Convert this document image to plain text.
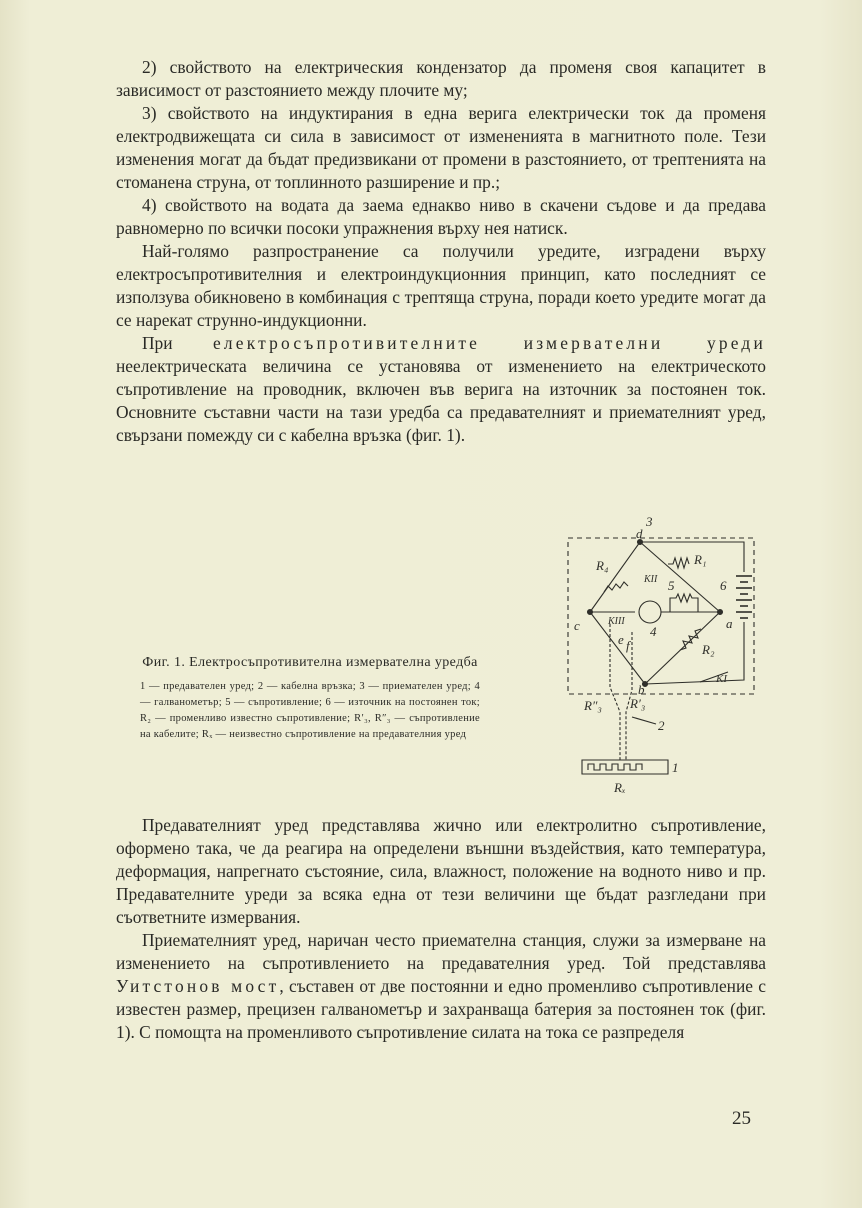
2) свойството на електрическия кондензатор да променя своя капацитет в зависимост от разстоянието между плочите му;

3) свойството на индуктирания в една верига електрически ток да променя електродвижещата си сила в зависимост от измененията в магнитното поле. Тези изменения могат да бъдат предизвикани от промени в разстоянието, от трептенията на стоманена струна, от топлинното разширение и пр.;

4) свойството на водата да заема еднакво ниво в скачени съдове и да предава равномерно по всички посоки упражнения върху нея натиск.

Най-голямо разпространение са получили уредите, изградени върху електросъпротивителния и електроиндукционния принцип, като последният се използува обикновено в комбинация с трептяща струна, поради което уредите могат да се нарекат струнно-индукционни.

При електросъпротивителните измервателни уреди неелектрическата величина се установява от изменението на електрическото съпротивление на проводник, включен във верига на източник за постоянен ток. Основните съставни части на тази уредба са предавателният и приемателният уред, свързани помежду си с кабелна връзка (фиг. 1).

Фиг. 1. Електросъпротивителна измервателна уредба
1 — предавателен уред; 2 — кабелна връзка; 3 — приемателен уред; 4 — галванометър; 5 — съпротивление; 6 — източник на постоянен ток; R₂ — променливо известно съпротивление; R′₃, R″₃ — съпротивление на кабелите; Rₓ — неизвестно съпротивление на предавателния уред
3
d
R₄	R₁
KII 5	6
c	KIII
4
a
e f	R₂
KI
b
R″₃ R′₃
2
1
Rₓ

Предавателният уред представлява жично или електролитно съпротивление, оформено така, че да реагира на определени външни въздействия, като температура, деформация, напрегнато състояние, сила, влажност, положение на водното ниво и пр. Предавателните уреди за всяка една от тези величини ще бъдат разгледани при съответните измервания.

Приемателният уред, наричан често приемателна станция, служи за измерване на изменението на съпротивлението на предавателния уред. Той представлява Уитстонов мост, съставен от две постоянни и едно променливо съпротивление с известен размер, прецизен галванометър и захранваща батерия за постоянен ток (фиг. 1). С помощта на променливото съпротивление силата на тока се разпределя

25
